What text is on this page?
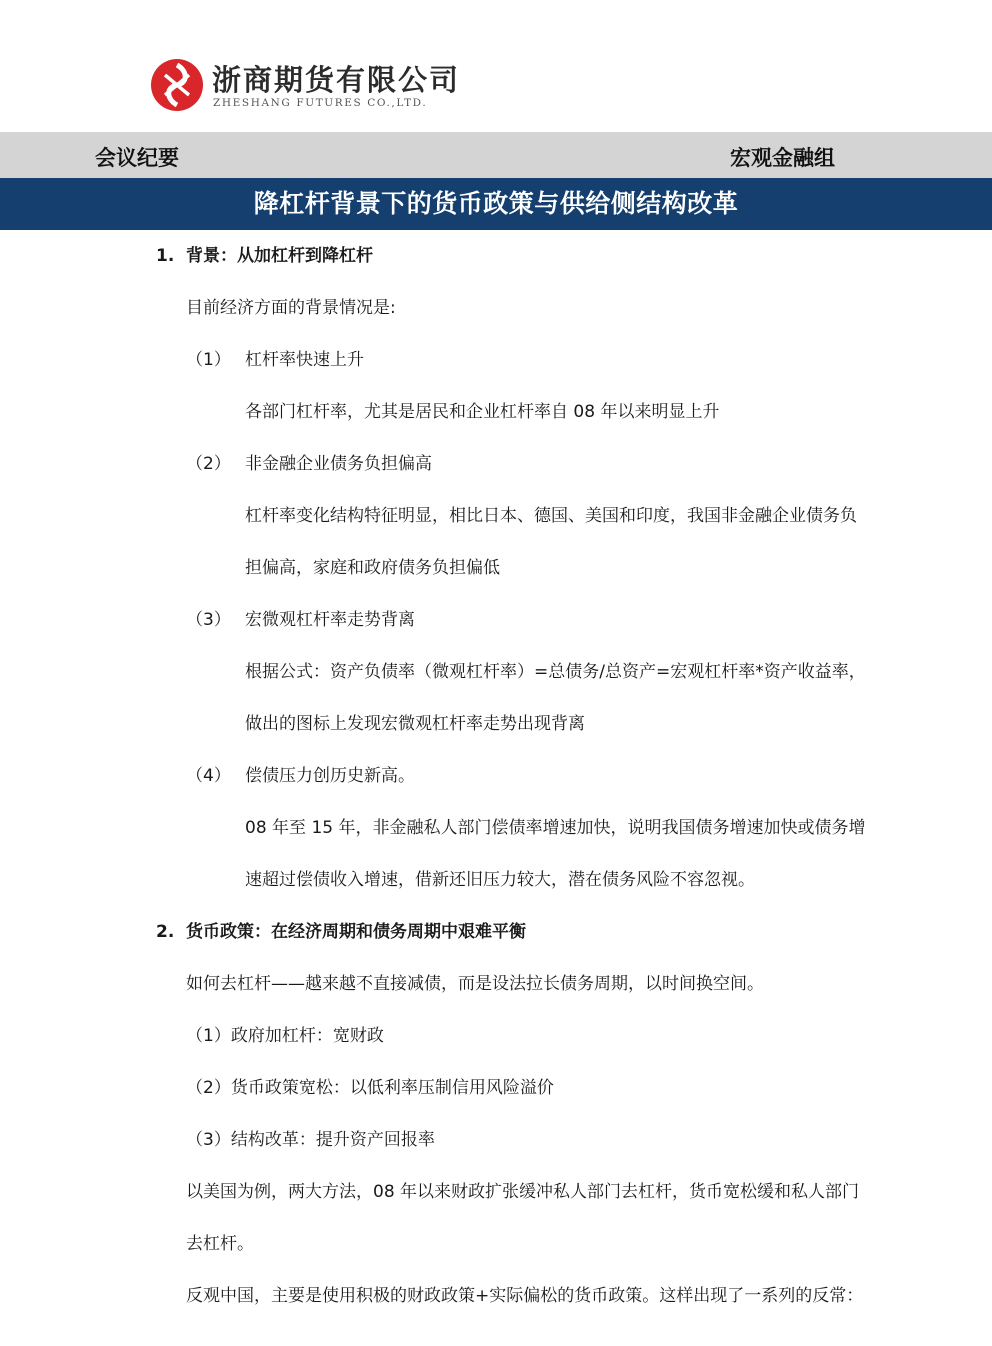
浙商期货有限公司
ZHESHANG FUTURES CO.,LTD.
会议纪要	宏观金融组
降杠杆背景下的货币政策与供给侧结构改革
1. 背景：从加杠杆到降杠杆
目前经济方面的背景情况是:
（1） 杠杆率快速上升
各部门杠杆率，尤其是居民和企业杠杆率自 08 年以来明显上升
（2） 非金融企业债务负担偏高
杠杆率变化结构特征明显，相比日本、德国、美国和印度，我国非金融企业债务负
担偏高，家庭和政府债务负担偏低
（3） 宏微观杠杆率走势背离
根据公式：资产负债率（微观杠杆率）=总债务/总资产=宏观杠杆率*资产收益率，
做出的图标上发现宏微观杠杆率走势出现背离
（4） 偿债压力创历史新高。
08 年至 15 年，非金融私人部门偿债率增速加快，说明我国债务增速加快或债务增
速超过偿债收入增速，借新还旧压力较大，潜在债务风险不容忽视。
2. 货币政策：在经济周期和债务周期中艰难平衡
如何去杠杆——越来越不直接减债，而是设法拉长债务周期，以时间换空间。
（1）政府加杠杆：宽财政
（2）货币政策宽松：以低利率压制信用风险溢价
（3）结构改革：提升资产回报率
以美国为例，两大方法，08 年以来财政扩张缓冲私人部门去杠杆，货币宽松缓和私人部门
去杠杆。
反观中国，主要是使用积极的财政政策+实际偏松的货币政策。这样出现了一系列的反常：
